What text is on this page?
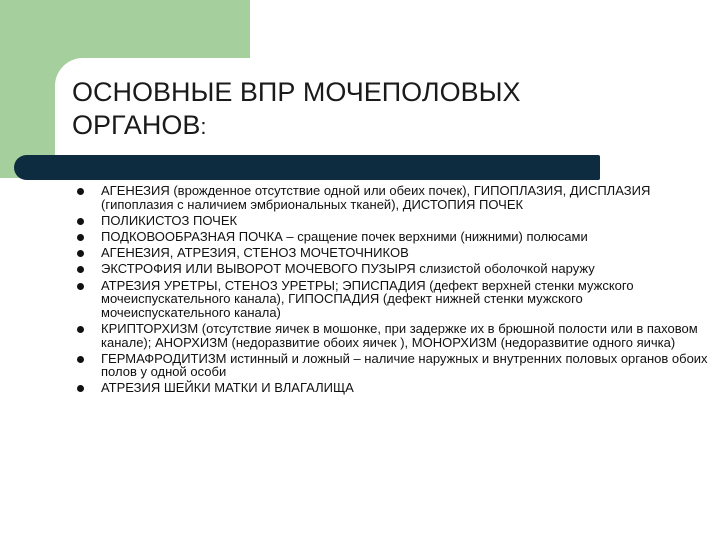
ОСНОВНЫЕ ВПР МОЧЕПОЛОВЫХ
ОРГАНОВ:
АГЕНЕЗИЯ (врожденное отсутствие одной или обеих почек), ГИПОПЛАЗИЯ, ДИСПЛАЗИЯ (гипоплазия с наличием эмбриональных тканей), ДИСТОПИЯ ПОЧЕК
ПОЛИКИСТОЗ ПОЧЕК
ПОДКОВООБРАЗНАЯ ПОЧКА – сращение почек верхними (нижними) полюсами
АГЕНЕЗИЯ, АТРЕЗИЯ, СТЕНОЗ МОЧЕТОЧНИКОВ
ЭКСТРОФИЯ ИЛИ ВЫВОРОТ МОЧЕВОГО ПУЗЫРЯ слизистой оболочкой наружу
АТРЕЗИЯ УРЕТРЫ, СТЕНОЗ УРЕТРЫ; ЭПИСПАДИЯ (дефект верхней стенки мужского мочеиспускательного канала), ГИПОСПАДИЯ (дефект нижней стенки мужского мочеиспускательного канала)
КРИПТОРХИЗМ (отсутствие яичек в мошонке, при задержке их в брюшной полости или в паховом канале); АНОРХИЗМ (недоразвитие обоих яичек ), МОНОРХИЗМ (недоразвитие одного яичка)
ГЕРМАФРОДИТИЗМ истинный и ложный – наличие наружных и внутренних половых органов обоих полов у одной особи
АТРЕЗИЯ ШЕЙКИ МАТКИ И ВЛАГАЛИЩА
